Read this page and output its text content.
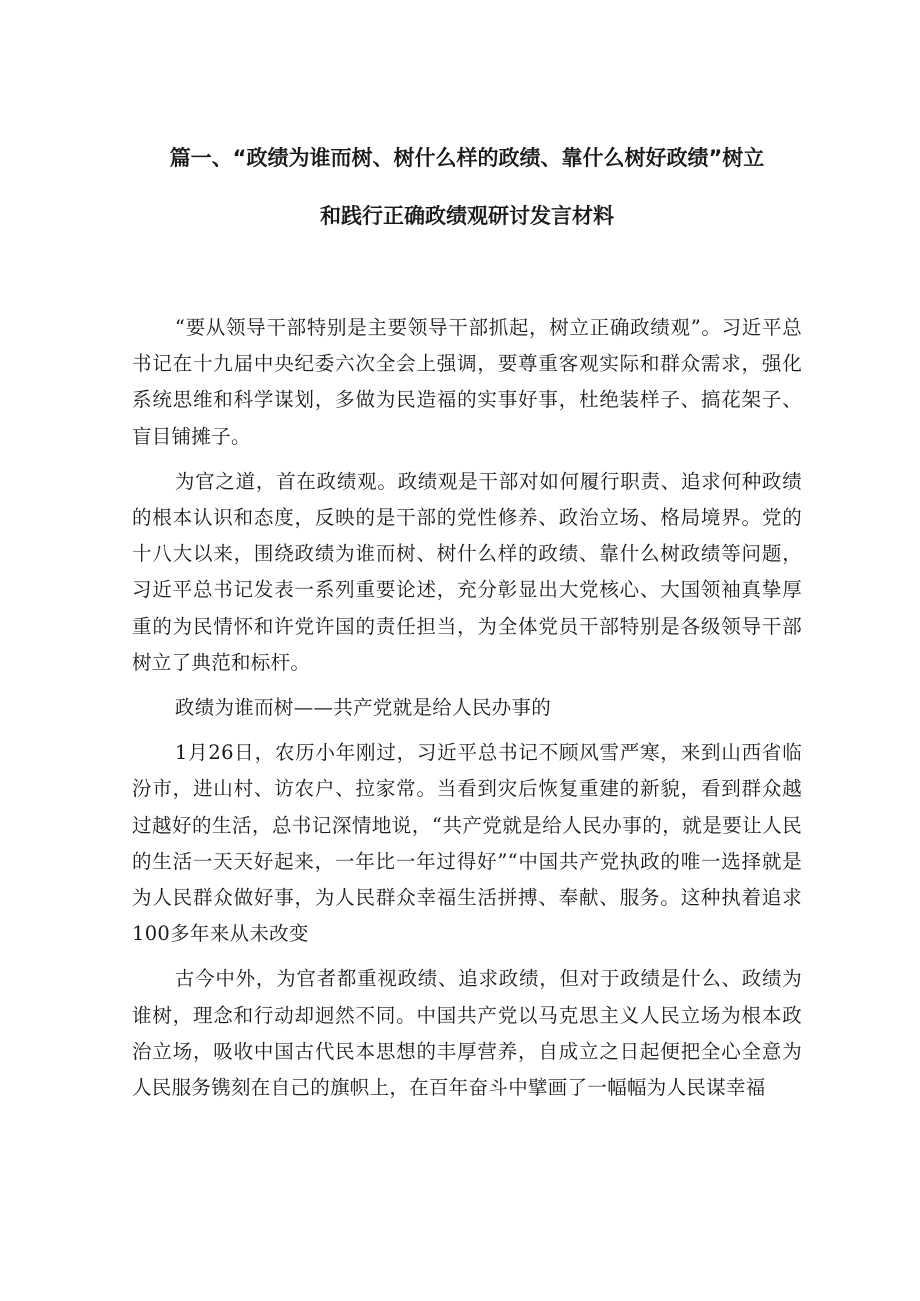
篇一、“政绩为谁而树、树什么样的政绩、靠什么树好政绩”树立
和践行正确政绩观研讨发言材料

“要从领导干部特别是主要领导干部抓起，树立正确政绩观”。习近平总书记在十九届中央纪委六次全会上强调，要尊重客观实际和群众需求，强化系统思维和科学谋划，多做为民造福的实事好事，杜绝装样子、搞花架子、盲目铺摊子。

为官之道，首在政绩观。政绩观是干部对如何履行职责、追求何种政绩的根本认识和态度，反映的是干部的党性修养、政治立场、格局境界。党的十八大以来，围绕政绩为谁而树、树什么样的政绩、靠什么树政绩等问题，习近平总书记发表一系列重要论述，充分彰显出大党核心、大国领袖真挚厚重的为民情怀和许党许国的责任担当，为全体党员干部特别是各级领导干部树立了典范和标杆。

政绩为谁而树——共产党就是给人民办事的

1月26日，农历小年刚过，习近平总书记不顾风雪严寒，来到山西省临汾市，进山村、访农户、拉家常。当看到灾后恢复重建的新貌，看到群众越过越好的生活，总书记深情地说，“共产党就是给人民办事的，就是要让人民的生活一天天好起来，一年比一年过得好”“中国共产党执政的唯一选择就是为人民群众做好事，为人民群众幸福生活拼搏、奉献、服务。这种执着追求100多年来从未改变

古今中外，为官者都重视政绩、追求政绩，但对于政绩是什么、政绩为谁树，理念和行动却迥然不同。中国共产党以马克思主义人民立场为根本政治立场，吸收中国古代民本思想的丰厚营养，自成立之日起便把全心全意为人民服务镌刻在自己的旗帜上，在百年奋斗中擘画了一幅幅为人民谋幸福
